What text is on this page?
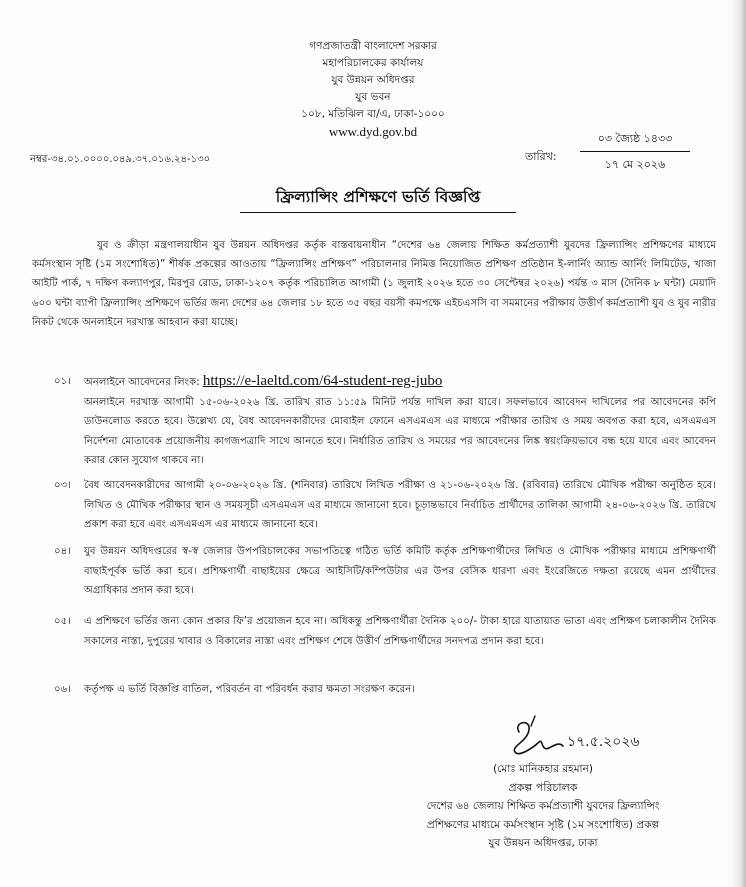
গণপ্রজাতন্ত্রী বাংলাদেশ সরকার
মহাপরিচালকের কার্যালয়
যুব উন্নয়ন অধিদপ্তর
যুব ভবন
১০৮, মতিঝিল বা/এ, ঢাকা-১০০০
www.dyd.gov.bd
নম্বর-৩৪.০১.০০০০.০৪৯.৩৭.০১৬.২৪-১৩০	তারিখ:
০৩ জ্যৈষ্ঠ ১৪৩৩
১৭ মে ২০২৬
ফ্রিল্যান্সিং প্রশিক্ষণে ভর্তি বিজ্ঞপ্তি
যুব ও ক্রীড়া মন্ত্রণালয়াধীন যুব উন্নয়ন অধিদপ্তর কর্তৃক বাস্তবায়নাধীন “দেশের ৬৪ জেলায় শিক্ষিত কর্মপ্রত্যাশী যুবদের ফ্রিল্যান্সিং প্রশিক্ষণের মাধ্যমে কর্মসংস্থান সৃষ্টি (১ম সংশোধিত)” শীর্ষক প্রকল্পের আওতায় “ফ্রিল্যান্সিং প্রশিক্ষণ” পরিচালনার নিমিত্ত নিয়োজিত প্রশিক্ষণ প্রতিষ্ঠান ই-লার্নিং অ্যান্ড আর্নিং লিমিটেড, খাজা আইটি পার্ক, ৭ দক্ষিণ কল্যাণপুর, মিরপুর রোড, ঢাকা-১২০৭ কর্তৃক পরিচালিত আগামী (১ জুলাই ২০২৬ হতে ৩০ সেপ্টেম্বর ২০২৬) পর্যন্ত ৩ মাস (দৈনিক ৮ ঘন্টা) মেয়াদি ৬০০ ঘন্টা ব্যাপী ফ্রিল্যান্সিং প্রশিক্ষণে ভর্তির জন্য দেশের ৬৪ জেলার ১৮ হতে ৩৫ বছর বয়সী কমপক্ষে এইচএসসি বা সমমানের পরীক্ষায় উত্তীর্ণ কর্মপ্রত্যাশী যুব ও যুব নারীর নিকট থেকে অনলাইনে দরখাস্ত আহবান করা যাচ্ছে।
০১।	অনলাইনে আবেদনের লিংক: https://e-laeltd.com/64-student-reg-jubo
অনলাইনে দরখাস্ত আগামী ১৫-০৬-২০২৬ খ্রি. তারিখ রাত ১১:৫৯ মিনিট পর্যন্ত দাখিল করা যাবে। সফলভাবে আবেদন দাখিলের পর আবেদনের কপি ডাউনলোড করতে হবে। উল্লেখ্য যে, বৈধ আবেদনকারীদের মোবাইল ফোনে এসএমএস এর মাধ্যমে পরীক্ষার তারিখ ও সময় অবগত করা হবে, এসএমএস নির্দেশনা মোতাবেক প্রয়োজনীয় কাগজপত্রাদি সাথে আনতে হবে। নির্ধারিত তারিখ ও সময়ের পর আবেদনের লিঙ্ক স্বয়ংক্রিয়ভাবে বন্ধ হয়ে যাবে এবং আবেদন করার কোন সুযোগ থাকবে না।
০৩।	বৈধ আবেদনকারীদের আগামী ২০-০৬-২০২৬ খ্রি. (শনিবার) তারিখে লিখিত পরীক্ষা ও ২১-০৬-২০২৬ খ্রি. (রবিবার) তারিখে মৌখিক পরীক্ষা অনুষ্ঠিত হবে। লিখিত ও মৌখিক পরীক্ষার স্থান ও সময়সূচী এসএমএস এর মাধ্যমে জানানো হবে। চূড়ান্তভাবে নির্বাচিত প্রার্থীদের তালিকা আগামী ২৪-০৬-২০২৬ খ্রি. তারিখে প্রকাশ করা হবে এবং এসএমএস এর মাধ্যমে জানানো হবে।
০৪।	যুব উন্নয়ন অধিদপ্তরের স্ব-স্ব জেলার উপপরিচালকের সভাপতিত্বে গঠিত ভর্তি কমিটি কর্তৃক প্রশিক্ষণার্থীদের লিখিত ও মৌখিক পরীক্ষার মাধ্যমে প্রশিক্ষণার্থী বাছাইপূর্বক ভর্তি করা হবে। প্রশিক্ষণার্থী বাছাইয়ের ক্ষেত্রে আইসিটি/কম্পিউটার এর উপর বেসিক ধারণা এবং ইংরেজিতে দক্ষতা রয়েছে এমন প্রার্থীদের অগ্রাধিকার প্রদান করা হবে।
০৫।	এ প্রশিক্ষণে ভর্তির জন্য কোন প্রকার ফি’র প্রয়োজন হবে না। অধিকন্তু প্রশিক্ষণার্থীরা দৈনিক ২০০/- টাকা হারে যাতায়াত ভাতা এবং প্রশিক্ষণ চলাকালীন দৈনিক সকালের নাস্তা, দুপুরের খাবার ও বিকালের নাস্তা এবং প্রশিক্ষণ শেষে উত্তীর্ণ প্রশিক্ষণার্থীদের সনদপত্র প্রদান করা হবে।
০৬।	কর্তৃপক্ষ এ ভর্তি বিজ্ঞপ্তি বাতিল, পরিবর্তন বা পরিবর্ধন করার ক্ষমতা সংরক্ষণ করেন।
১৭.৫.২০২৬
(মোঃ মানিকহার রহমান)
প্রকল্প পরিচালক
দেশের ৬৪ জেলায় শিক্ষিত কর্মপ্রত্যাশী যুবদের ফ্রিল্যান্সিং
প্রশিক্ষণের মাধ্যমে কর্মসংস্থান সৃষ্টি (১ম সংশোধিত) প্রকল্প
যুব উন্নয়ন অধিদপ্তর, ঢাকা
